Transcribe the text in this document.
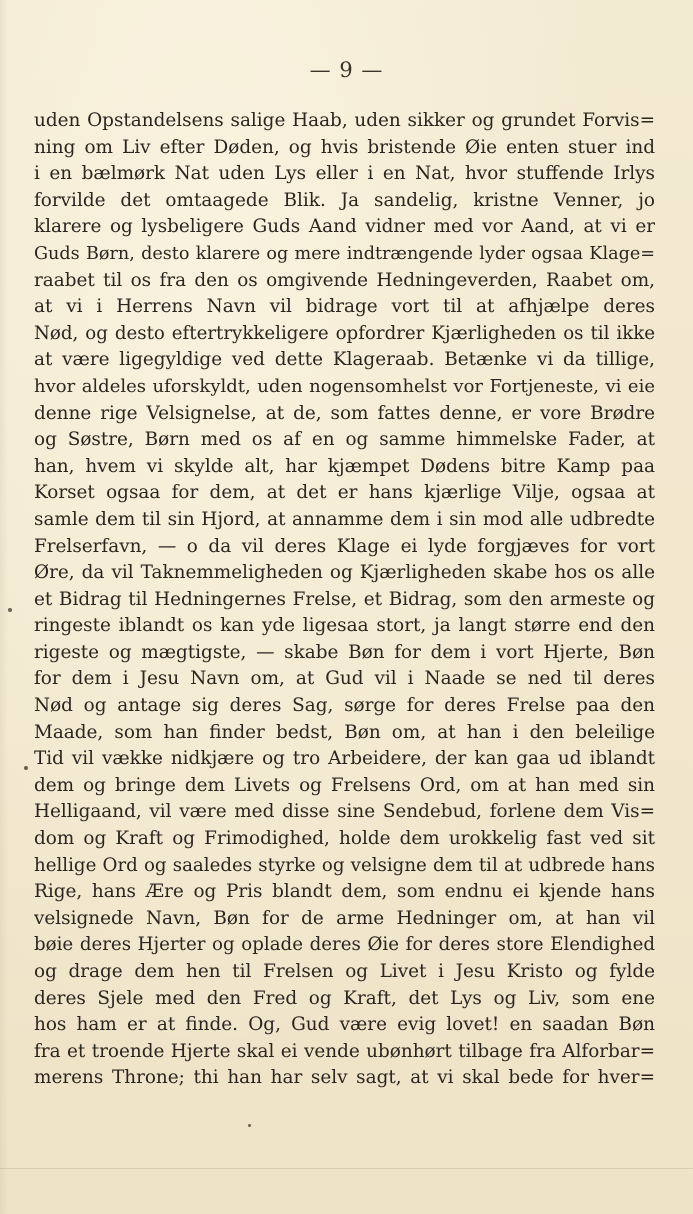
— 9 —
uden Opstandelsens salige Haab, uden sikker og grundet Forvis=
ning om Liv efter Døden, og hvis bristende Øie enten stuer ind
i en bælmørk Nat uden Lys eller i en Nat, hvor stuffende Irlys
forvilde det omtaagede Blik. Ja sandelig, kristne Venner, jo
klarere og lysbeligere Guds Aand vidner med vor Aand, at vi er
Guds Børn, desto klarere og mere indtrængende lyder ogsaa Klage=
raabet til os fra den os omgivende Hedningeverden, Raabet om,
at vi i Herrens Navn vil bidrage vort til at afhjælpe deres
Nød, og desto eftertrykkeligere opfordrer Kjærligheden os til ikke
at være ligegyldige ved dette Klageraab. Betænke vi da tillige,
hvor aldeles uforskyldt, uden nogensomhelst vor Fortjeneste, vi eie
denne rige Velsignelse, at de, som fattes denne, er vore Brødre
og Søstre, Børn med os af en og samme himmelske Fader, at
han, hvem vi skylde alt, har kjæmpet Dødens bitre Kamp paa
Korset ogsaa for dem, at det er hans kjærlige Vilje, ogsaa at
samle dem til sin Hjord, at annamme dem i sin mod alle udbredte
Frelserfavn, — o da vil deres Klage ei lyde forgjæves for vort
Øre, da vil Taknemmeligheden og Kjærligheden skabe hos os alle
et Bidrag til Hedningernes Frelse, et Bidrag, som den armeste og
ringeste iblandt os kan yde ligesaa stort, ja langt større end den
rigeste og mægtigste, — skabe Bøn for dem i vort Hjerte, Bøn
for dem i Jesu Navn om, at Gud vil i Naade se ned til deres
Nød og antage sig deres Sag, sørge for deres Frelse paa den
Maade, som han finder bedst, Bøn om, at han i den beleilige
Tid vil vække nidkjære og tro Arbeidere, der kan gaa ud iblandt
dem og bringe dem Livets og Frelsens Ord, om at han med sin
Helligaand, vil være med disse sine Sendebud, forlene dem Vis=
dom og Kraft og Frimodighed, holde dem urokkelig fast ved sit
hellige Ord og saaledes styrke og velsigne dem til at udbrede hans
Rige, hans Ære og Pris blandt dem, som endnu ei kjende hans
velsignede Navn, Bøn for de arme Hedninger om, at han vil
bøie deres Hjerter og oplade deres Øie for deres store Elendighed
og drage dem hen til Frelsen og Livet i Jesu Kristo og fylde
deres Sjele med den Fred og Kraft, det Lys og Liv, som ene
hos ham er at finde. Og, Gud være evig lovet! en saadan Bøn
fra et troende Hjerte skal ei vende ubønhørt tilbage fra Alforbar=
merens Throne; thi han har selv sagt, at vi skal bede for hver=
